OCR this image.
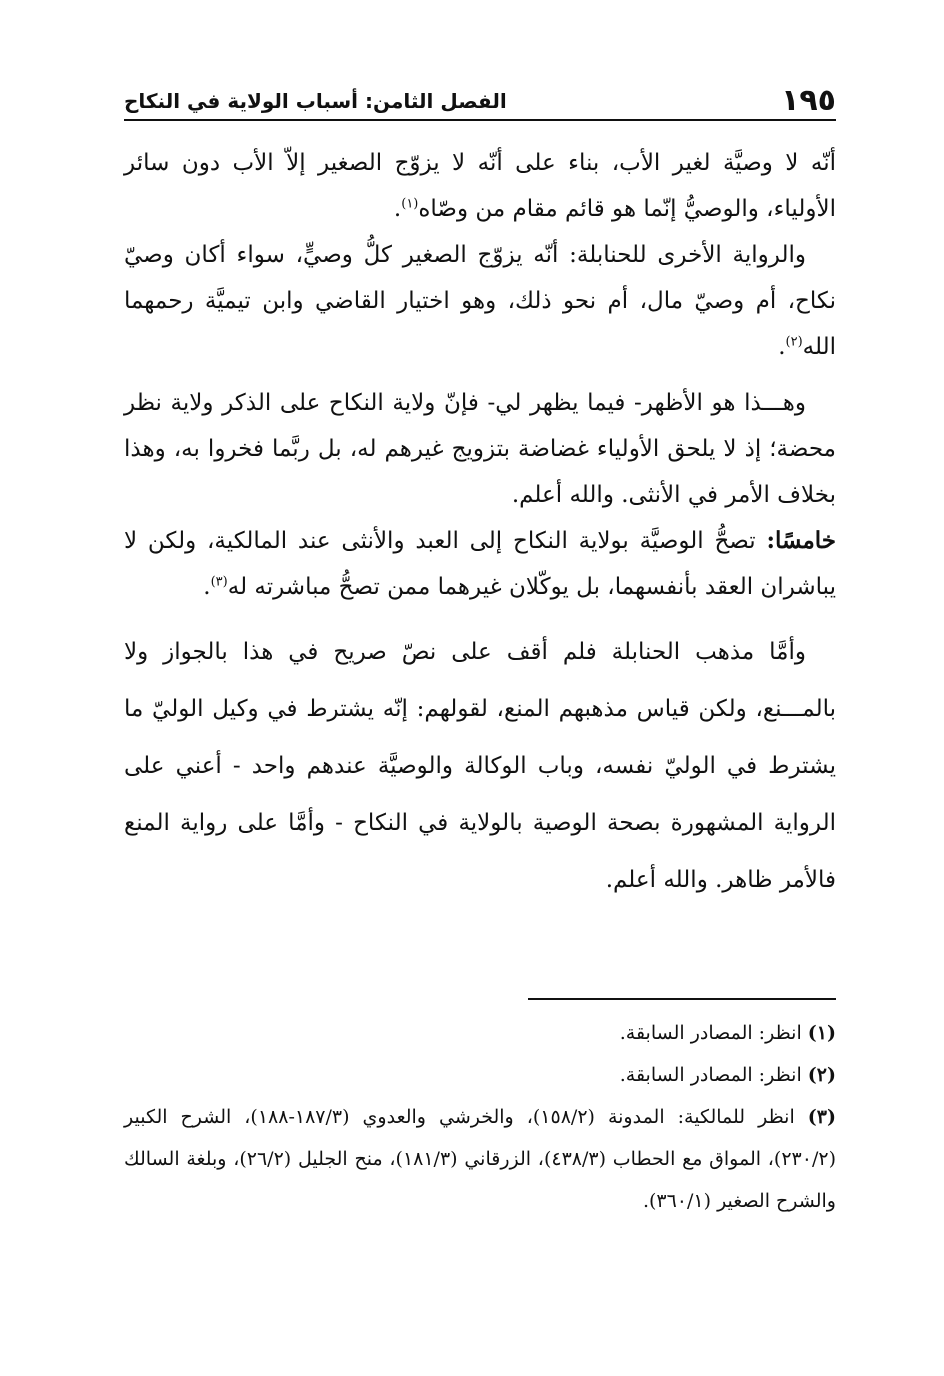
١٩٥
الفصل الثامن: أسباب الولاية في النكاح

أنّه لا وصيَّة لغير الأب، بناء على أنّه لا يزوّج الصغير إلاّ الأب دون سائر الأولياء، والوصيُّ إنّما هو قائم مقام من وصّاه$^{(١)}$.

والرواية الأخرى للحنابلة: أنّه يزوّج الصغير كلُّ وصيٍّ، سواء أكان وصيّ نكاح، أم وصيّ مال، أم نحو ذلك، وهو اختيار القاضي وابن تيميَّة رحمهما الله$^{(٢)}$.

وهـــذا هو الأظهر- فيما يظهر لي- فإنّ ولاية النكاح على الذكر ولاية نظر محضة؛ إذ لا يلحق الأولياء غضاضة بتزويج غيرهم له، بل ربَّما فخروا به، وهذا بخلاف الأمر في الأنثى. والله أعلم.

خامسًا: تصحُّ الوصيَّة بولاية النكاح إلى العبد والأنثى عند المالكية، ولكن لا يباشران العقد بأنفسهما، بل يوكّلان غيرهما ممن تصحُّ مباشرته له$^{(٣)}$.

وأمَّا مذهب الحنابلة فلم أقف على نصّ صريح في هذا بالجواز ولا بالمـــنع، ولكن قياس مذهبهم المنع، لقولهم: إنّه يشترط في وكيل الوليّ ما يشترط في الوليّ نفسه، وباب الوكالة والوصيَّة عندهم واحد - أعني على الرواية المشهورة بصحة الوصية بالولاية في النكاح - وأمَّا على رواية المنع فالأمر ظاهر. والله أعلم.

(١) انظر: المصادر السابقة.

(٢) انظر: المصادر السابقة.

(٣) انظر للمالكية: المدونة (١٥٨/٢)، والخرشي والعدوي (١٨٧/٣-١٨٨)، الشرح الكبير (٢٣٠/٢)، المواق مع الحطاب (٤٣٨/٣)، الزرقاني (١٨١/٣)، منح الجليل (٢٦/٢)، وبلغة السالك والشرح الصغير (٣٦٠/١).
